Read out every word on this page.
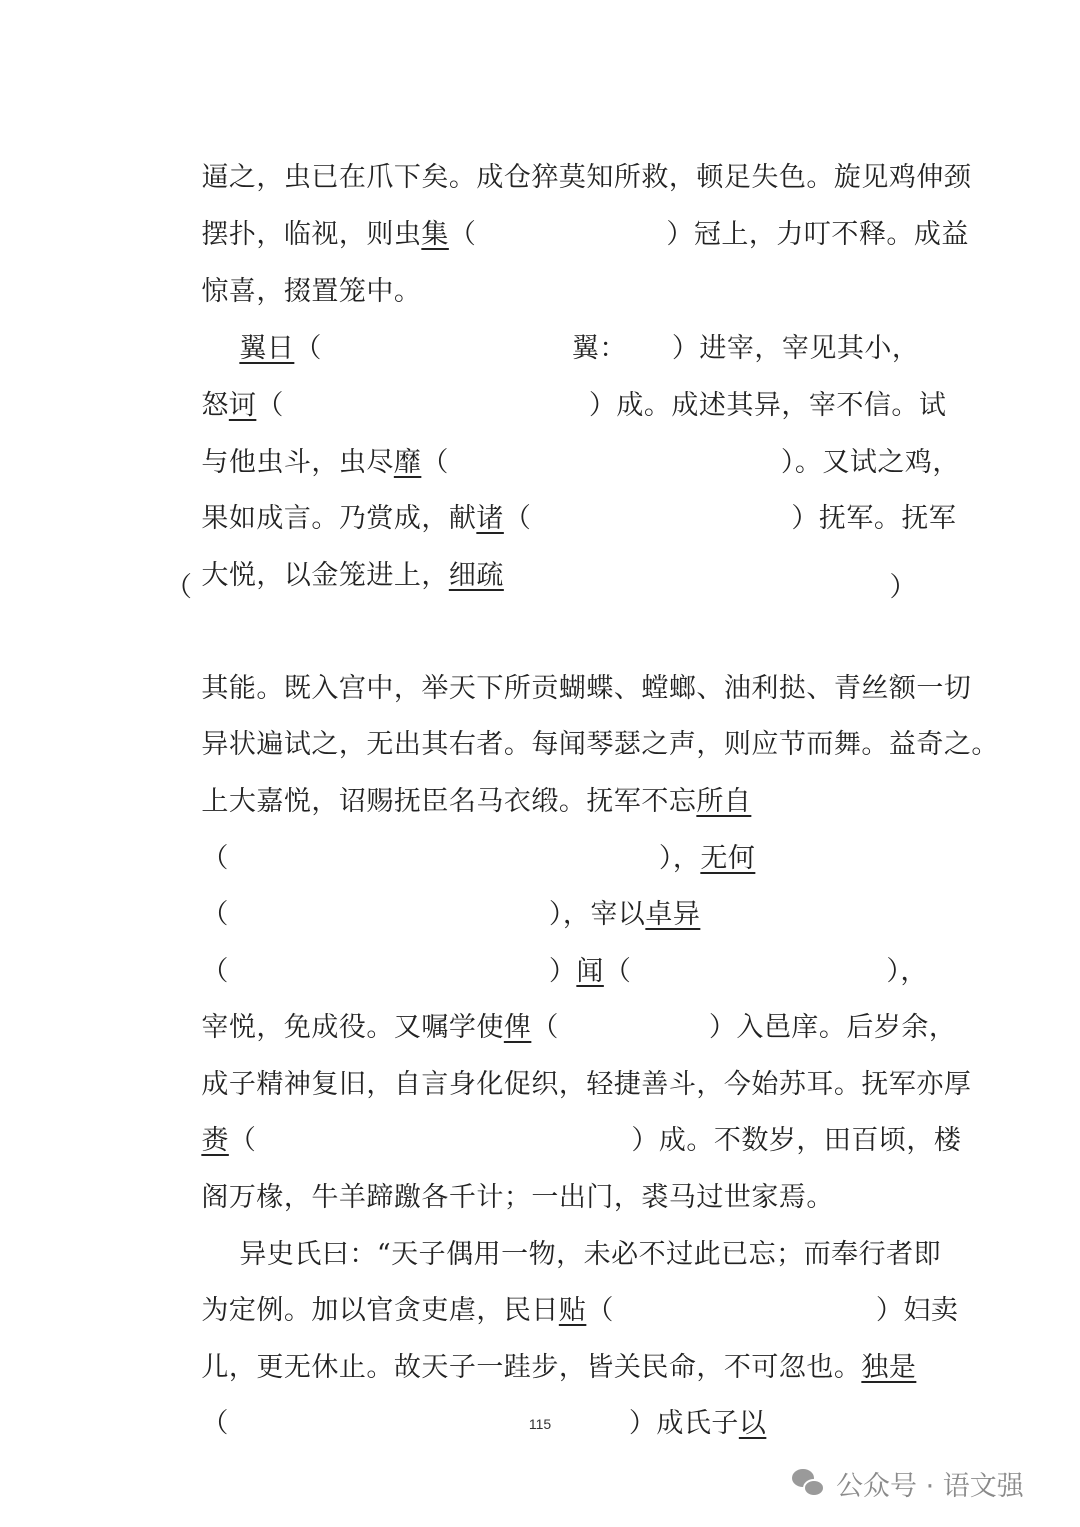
逼之，虫已在爪下矣。成仓猝莫知所救，顿足失色。旋见鸡伸颈

摆扑，临视，则虫集（	）冠上，力叮不释。成益

惊喜，掇置笼中。

翼日（	翼： ）进宰，宰见其小，

怒诃（	）成。成述其异，宰不信。试

与他虫斗，虫尽靡（	）。又试之鸡，

果如成言。乃赏成，献诸（	）抚军。抚军

大悦，以金笼进上，细疏

（	）

其能。既入宫中，举天下所贡蝴蝶、螳螂、油利挞、青丝额一切

异状遍试之，无出其右者。每闻琴瑟之声，则应节而舞。益奇之。

上大嘉悦，诏赐抚臣名马衣缎。抚军不忘所自

（	），无何

（	），宰以卓异

（	）闻（	），

宰悦，免成役。又嘱学使俾（	）入邑庠。后岁余，

成子精神复旧，自言身化促织，轻捷善斗，今始苏耳。抚军亦厚

赉（	）成。不数岁，田百顷，楼

阁万椽，牛羊蹄躈各千计；一出门，裘马过世家焉。

异史氏曰：“天子偶用一物，未必不过此已忘；而奉行者即

为定例。加以官贪吏虐，民日贴（	）妇卖

儿，更无休止。故天子一跬步，皆关民命，不可忽也。独是

（	）成氏子以

115
公众号 · 语文强
